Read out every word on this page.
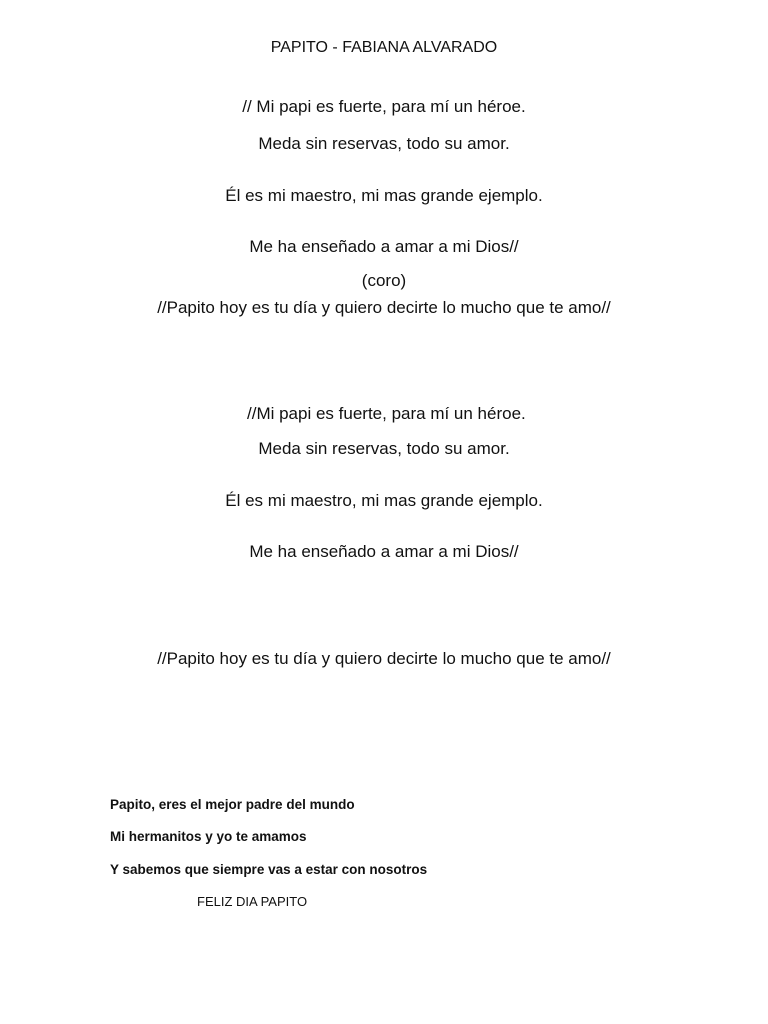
PAPITO - FABIANA ALVARADO
// Mi papi es fuerte, para mí un héroe.
Meda sin reservas, todo su amor.
Él es mi maestro, mi mas grande ejemplo.
Me ha enseñado a amar a mi Dios//
(coro)
//Papito hoy es tu día y quiero decirte lo mucho que te amo//
//Mi papi es fuerte, para mí un héroe.
Meda sin reservas, todo su amor.
Él es mi maestro, mi mas grande ejemplo.
Me ha enseñado a amar a mi Dios//
//Papito hoy es tu día y quiero decirte lo mucho que te amo//
Papito, eres el mejor padre del mundo
Mi hermanitos y yo te amamos
Y sabemos que siempre vas a estar con nosotros
FELIZ DIA PAPITO
